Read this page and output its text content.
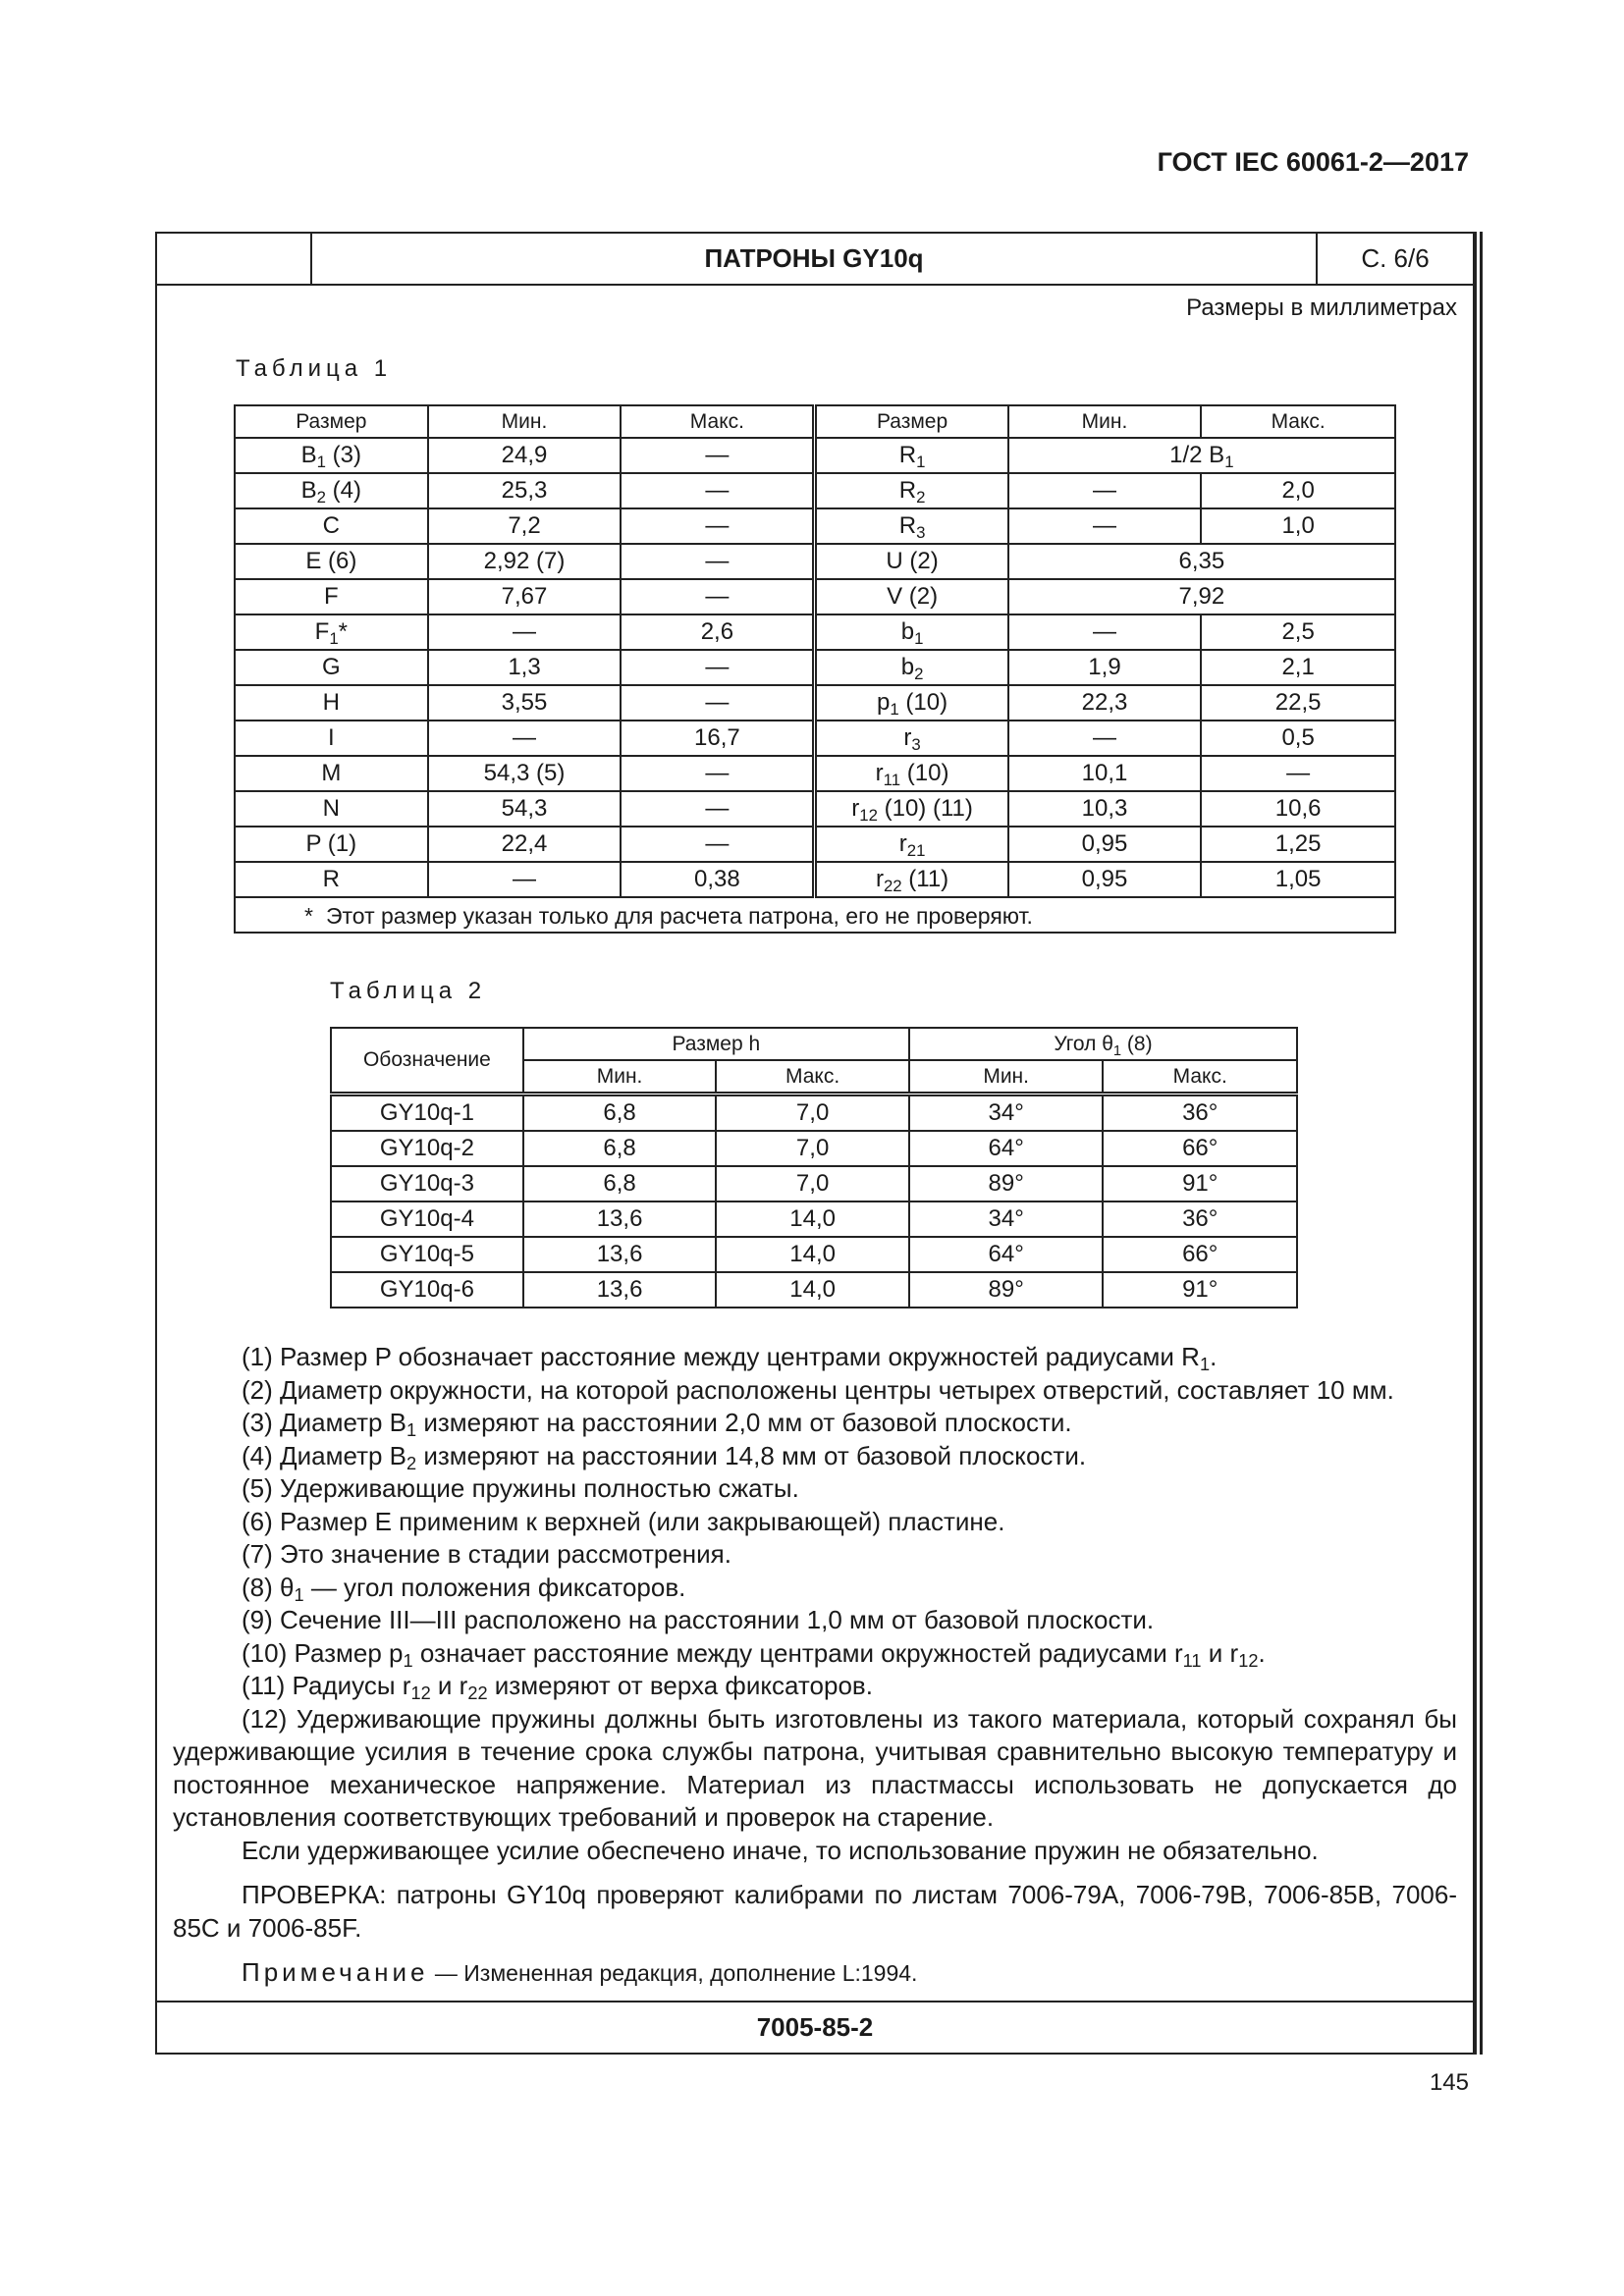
ГОСТ IEC 60061-2—2017
ПАТРОНЫ GY10q	С. 6/6
Размеры в миллиметрах
Таблица 1
Размер	Мин.	Макс.	Размер	Мин.	Макс.
$B_1$ (3)	24,9	—	$R_1$	1/2 $B_1$
$B_2$ (4)	25,3	—	$R_2$	—	2,0
C	7,2	—	$R_3$	—	1,0
E (6)	2,92 (7)	—	U (2)	6,35	
F	7,67	—	V (2)	7,92	
$F_1*$	—	2,6	$b_1$	—	2,5
G	1,3	—	$b_2$	1,9	2,1
H	3,55	—	$p_1$ (10)	22,3	22,5
I	—	16,7	$r_3$	—	0,5
M	54,3 (5)	—	$r_{11}$ (10)	10,1	—
N	54,3	—	$r_{12}$ (10) (11)	10,3	10,6
P (1)	22,4	—	$r_{21}$	0,95	1,25
R	—	0,38	$r_{22}$ (11)	0,95	1,05

* Этот размер указан только для расчета патрона, его не проверяют.					
Таблица 2
Обозначение	Размер h		Угол $\theta_1$ (8)	
	Мин.	Макс.	Мин.	Макс.
GY10q-1	6,8	7,0	34°	36°
GY10q-2	6,8	7,0	64°	66°
GY10q-3	6,8	7,0	89°	91°
GY10q-4	13,6	14,0	34°	36°
GY10q-5	13,6	14,0	64°	66°
GY10q-6	13,6	14,0	89°	91°

(1) Размер P обозначает расстояние между центрами окружностей радиусами $R_1$.

(2) Диаметр окружности, на которой расположены центры четырех отверстий, составляет 10 мм.

(3) Диаметр $B_1$ измеряют на расстоянии 2,0 мм от базовой плоскости.

(4) Диаметр $B_2$ измеряют на расстоянии 14,8 мм от базовой плоскости.

(5) Удерживающие пружины полностью сжаты.

(6) Размер E применим к верхней (или закрывающей) пластине.

(7) Это значение в стадии рассмотрения.

(8) $\theta_1$ — угол положения фиксаторов.

(9) Сечение III—III расположено на расстоянии 1,0 мм от базовой плоскости.

(10) Размер $p_1$ означает расстояние между центрами окружностей радиусами $r_{11}$ и $r_{12}$.

(11) Радиусы $r_{12}$ и $r_{22}$ измеряют от верха фиксаторов.

(12) Удерживающие пружины должны быть изготовлены из такого материала, который сохранял бы удерживающие усилия в течение срока службы патрона, учитывая сравнительно высокую температуру и постоянное механическое напряжение. Материал из пластмассы использовать не допускается до установления соответствующих требований и проверок на старение.

Если удерживающее усилие обеспечено иначе, то использование пружин не обязательно.

ПРОВЕРКА: патроны GY10q проверяют калибрами по листам 7006-79A, 7006-79B, 7006-85B, 7006-85C и 7006-85F.

Примечание — Измененная редакция, дополнение L:1994.

7005-85-2
145
